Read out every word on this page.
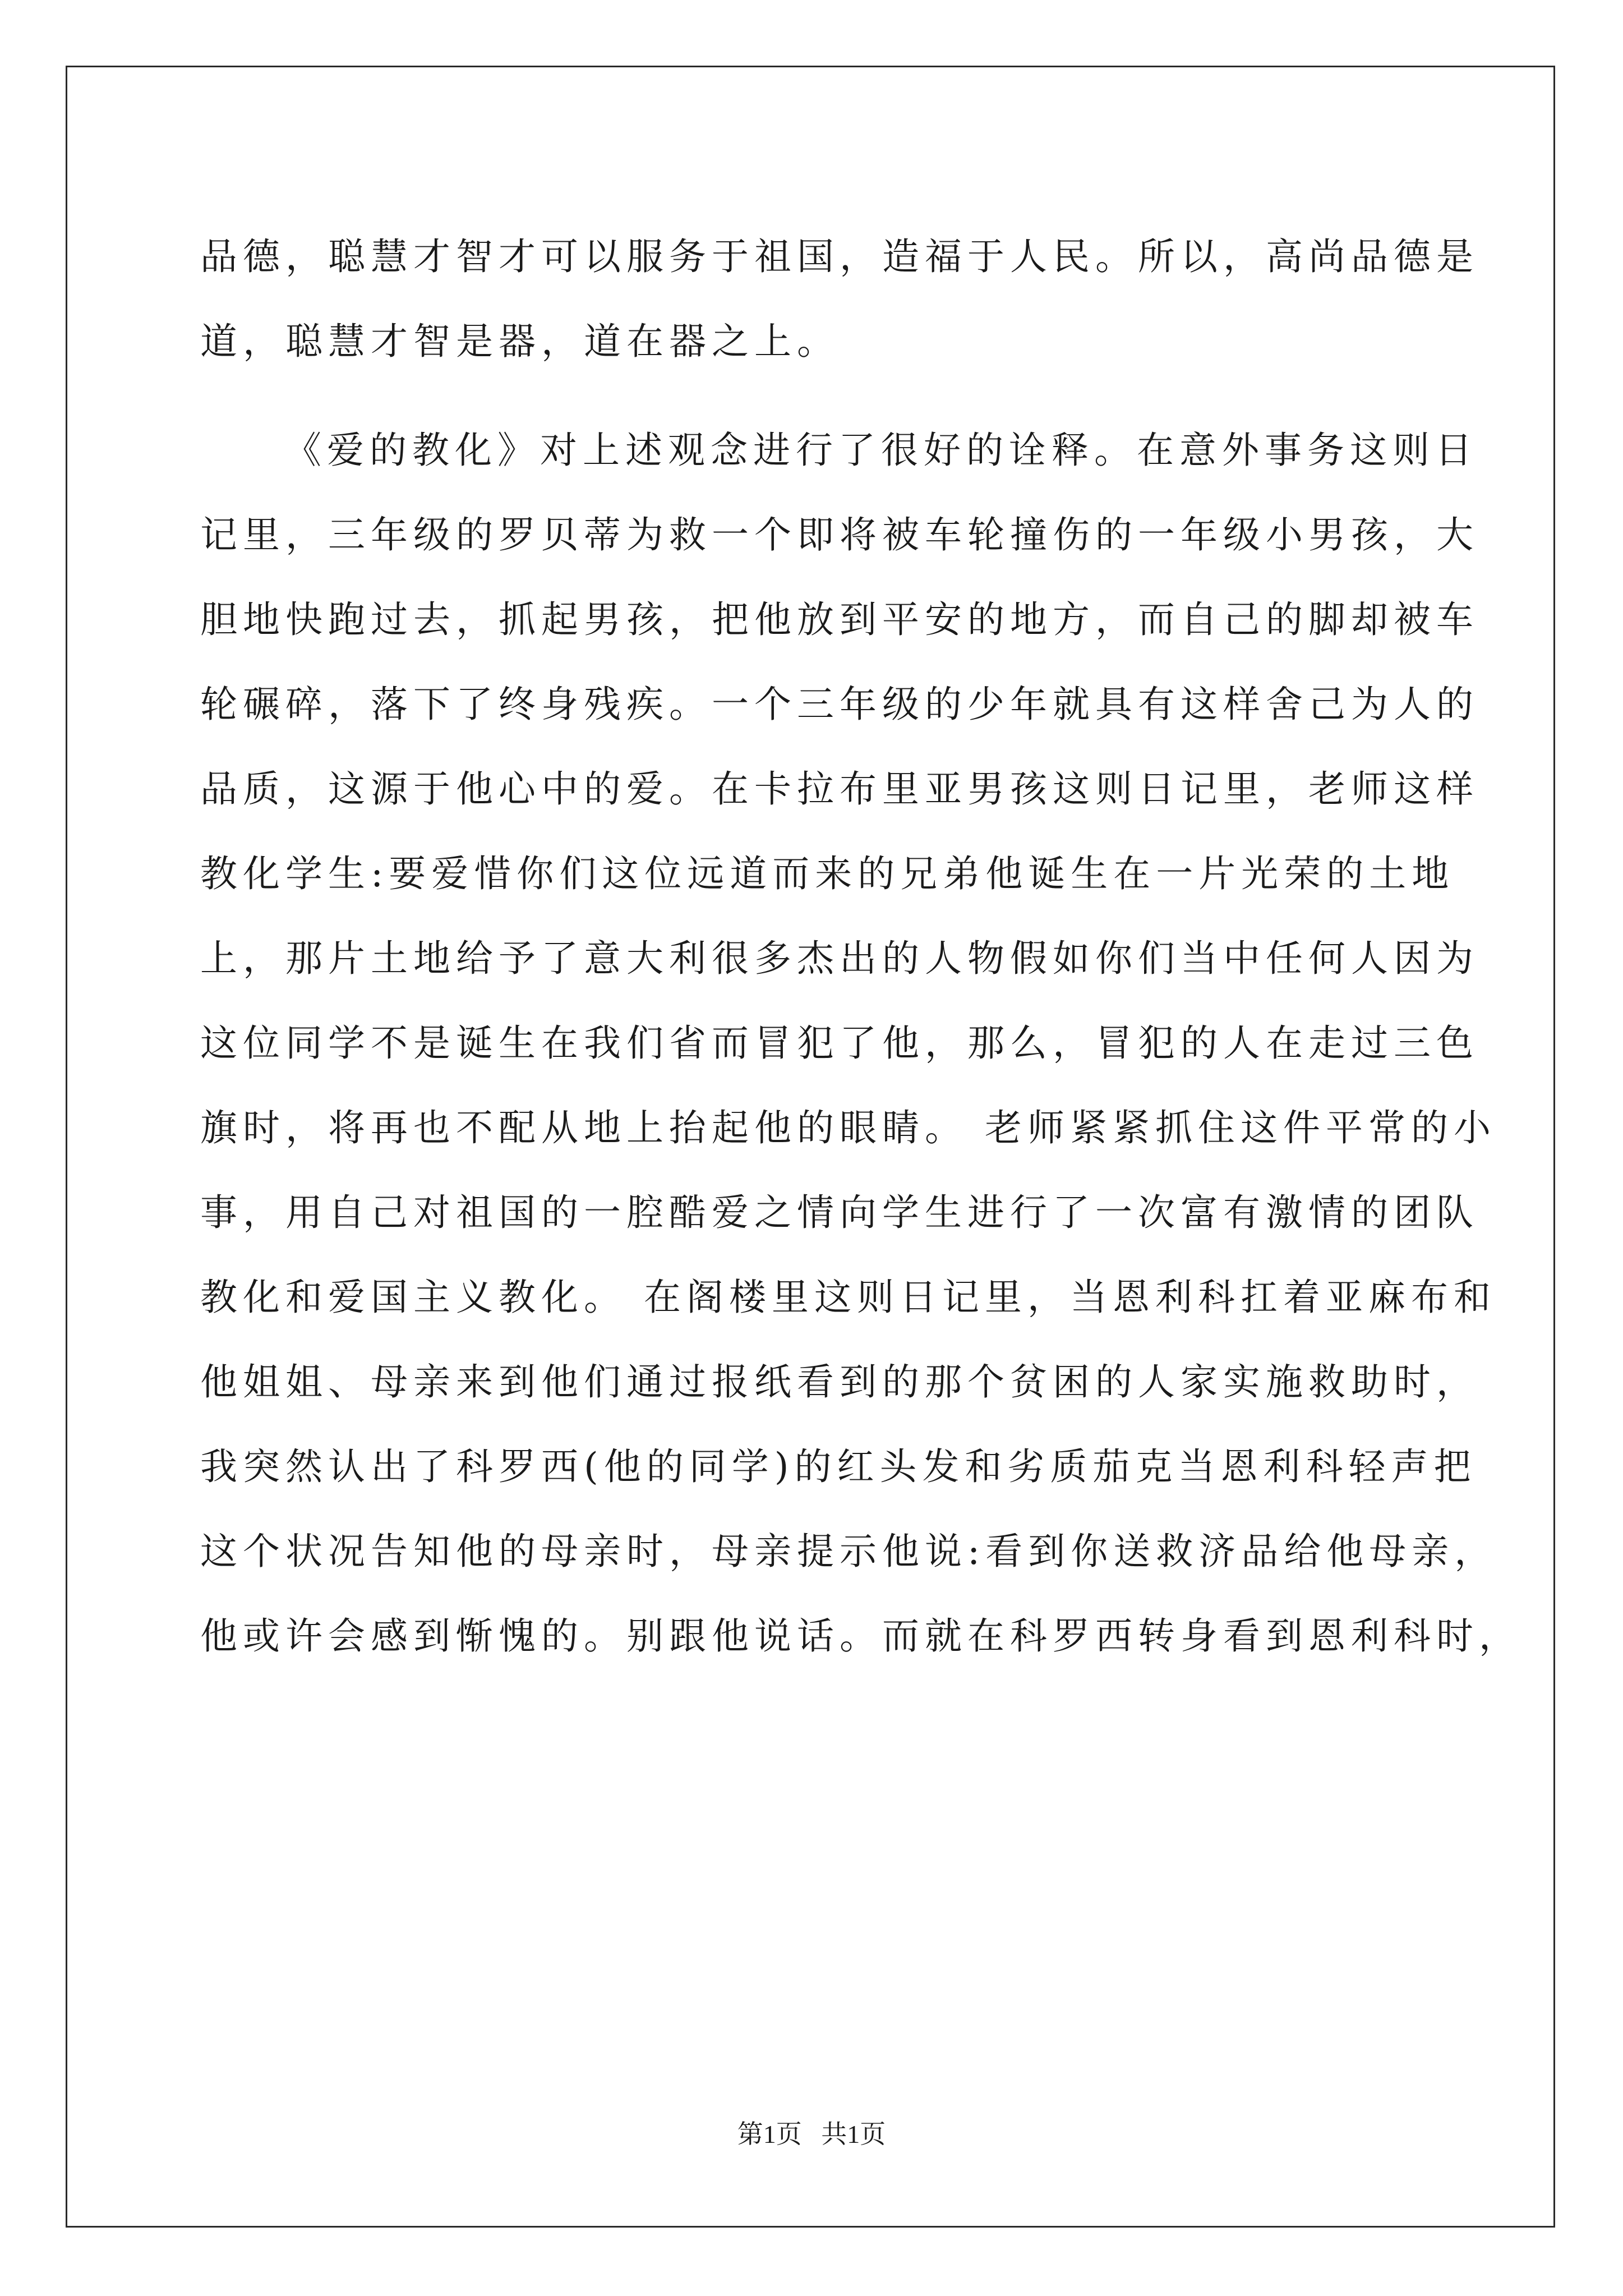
品德，聪慧才智才可以服务于祖国，造福于人民。所以，高尚品德是
道，聪慧才智是器，道在器之上。
《爱的教化》对上述观念进行了很好的诠释。在意外事务这则日
记里，三年级的罗贝蒂为救一个即将被车轮撞伤的一年级小男孩，大
胆地快跑过去，抓起男孩，把他放到平安的地方，而自己的脚却被车
轮碾碎，落下了终身残疾。一个三年级的少年就具有这样舍己为人的
品质，这源于他心中的爱。在卡拉布里亚男孩这则日记里，老师这样
教化学生:要爱惜你们这位远道而来的兄弟他诞生在一片光荣的土地
上，那片土地给予了意大利很多杰出的人物假如你们当中任何人因为
这位同学不是诞生在我们省而冒犯了他，那么，冒犯的人在走过三色
旗时，将再也不配从地上抬起他的眼睛。 老师紧紧抓住这件平常的小
事，用自己对祖国的一腔酷爱之情向学生进行了一次富有激情的团队
教化和爱国主义教化。 在阁楼里这则日记里，当恩利科扛着亚麻布和
他姐姐、母亲来到他们通过报纸看到的那个贫困的人家实施救助时，
我突然认出了科罗西(他的同学)的红头发和劣质茄克当恩利科轻声把
这个状况告知他的母亲时，母亲提示他说:看到你送救济品给他母亲，
他或许会感到惭愧的。别跟他说话。而就在科罗西转身看到恩利科时，
第1页 共1页
